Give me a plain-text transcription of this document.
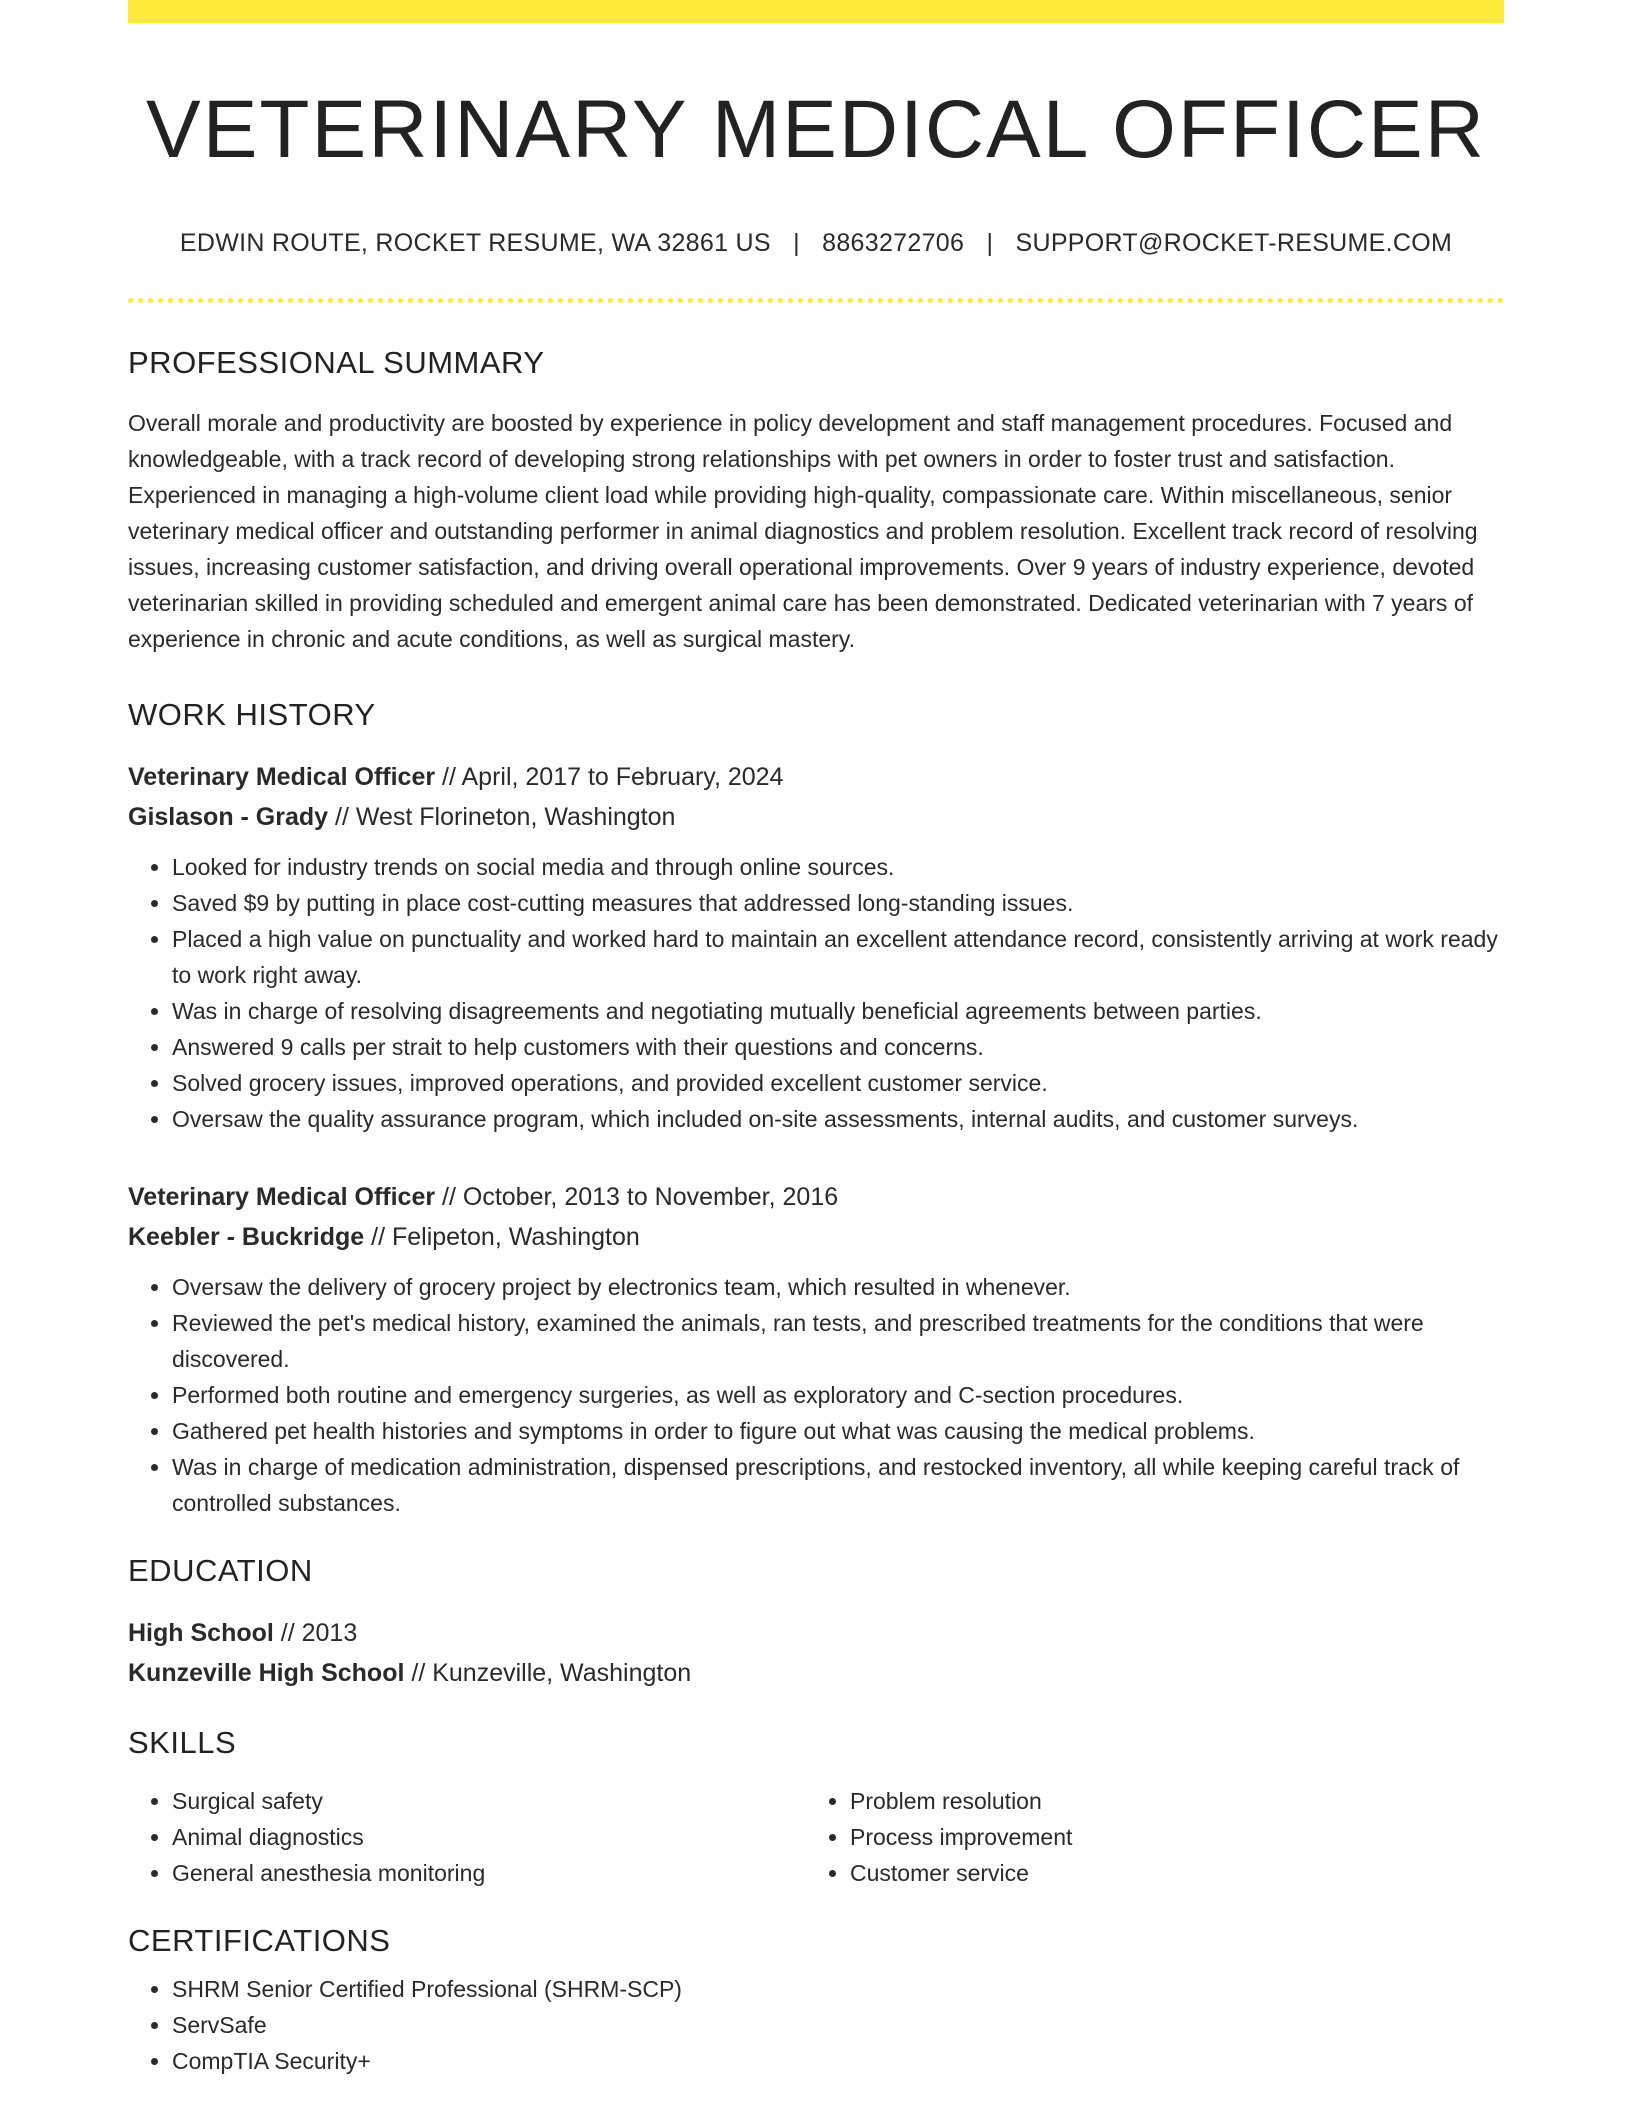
VETERINARY MEDICAL OFFICER
EDWIN ROUTE, ROCKET RESUME, WA 32861 US | 8863272706 | SUPPORT@ROCKET-RESUME.COM
PROFESSIONAL SUMMARY

Overall morale and productivity are boosted by experience in policy development and staff management procedures. Focused and knowledgeable, with a track record of developing strong relationships with pet owners in order to foster trust and satisfaction. Experienced in managing a high-volume client load while providing high-quality, compassionate care. Within miscellaneous, senior veterinary medical officer and outstanding performer in animal diagnostics and problem resolution. Excellent track record of resolving issues, increasing customer satisfaction, and driving overall operational improvements. Over 9 years of industry experience, devoted veterinarian skilled in providing scheduled and emergent animal care has been demonstrated. Dedicated veterinarian with 7 years of experience in chronic and acute conditions, as well as surgical mastery.

WORK HISTORY
Veterinary Medical Officer // April, 2017 to February, 2024
Gislason - Grady // West Florineton, Washington
• Looked for industry trends on social media and through online sources.
• Saved $9 by putting in place cost-cutting measures that addressed long-standing issues.
• Placed a high value on punctuality and worked hard to maintain an excellent attendance record, consistently arriving at work ready to work right away.
• Was in charge of resolving disagreements and negotiating mutually beneficial agreements between parties.
• Answered 9 calls per strait to help customers with their questions and concerns.
• Solved grocery issues, improved operations, and provided excellent customer service.
• Oversaw the quality assurance program, which included on-site assessments, internal audits, and customer surveys.
Veterinary Medical Officer // October, 2013 to November, 2016
Keebler - Buckridge // Felipeton, Washington
• Oversaw the delivery of grocery project by electronics team, which resulted in whenever.
• Reviewed the pet's medical history, examined the animals, ran tests, and prescribed treatments for the conditions that were discovered.
• Performed both routine and emergency surgeries, as well as exploratory and C-section procedures.
• Gathered pet health histories and symptoms in order to figure out what was causing the medical problems.
• Was in charge of medication administration, dispensed prescriptions, and restocked inventory, all while keeping careful track of controlled substances.
EDUCATION
High School // 2013
Kunzeville High School // Kunzeville, Washington
SKILLS
• Surgical safety
• Animal diagnostics
• General anesthesia monitoring
• Problem resolution
• Process improvement
• Customer service
CERTIFICATIONS
• SHRM Senior Certified Professional (SHRM-SCP)
• ServSafe
• CompTIA Security+
